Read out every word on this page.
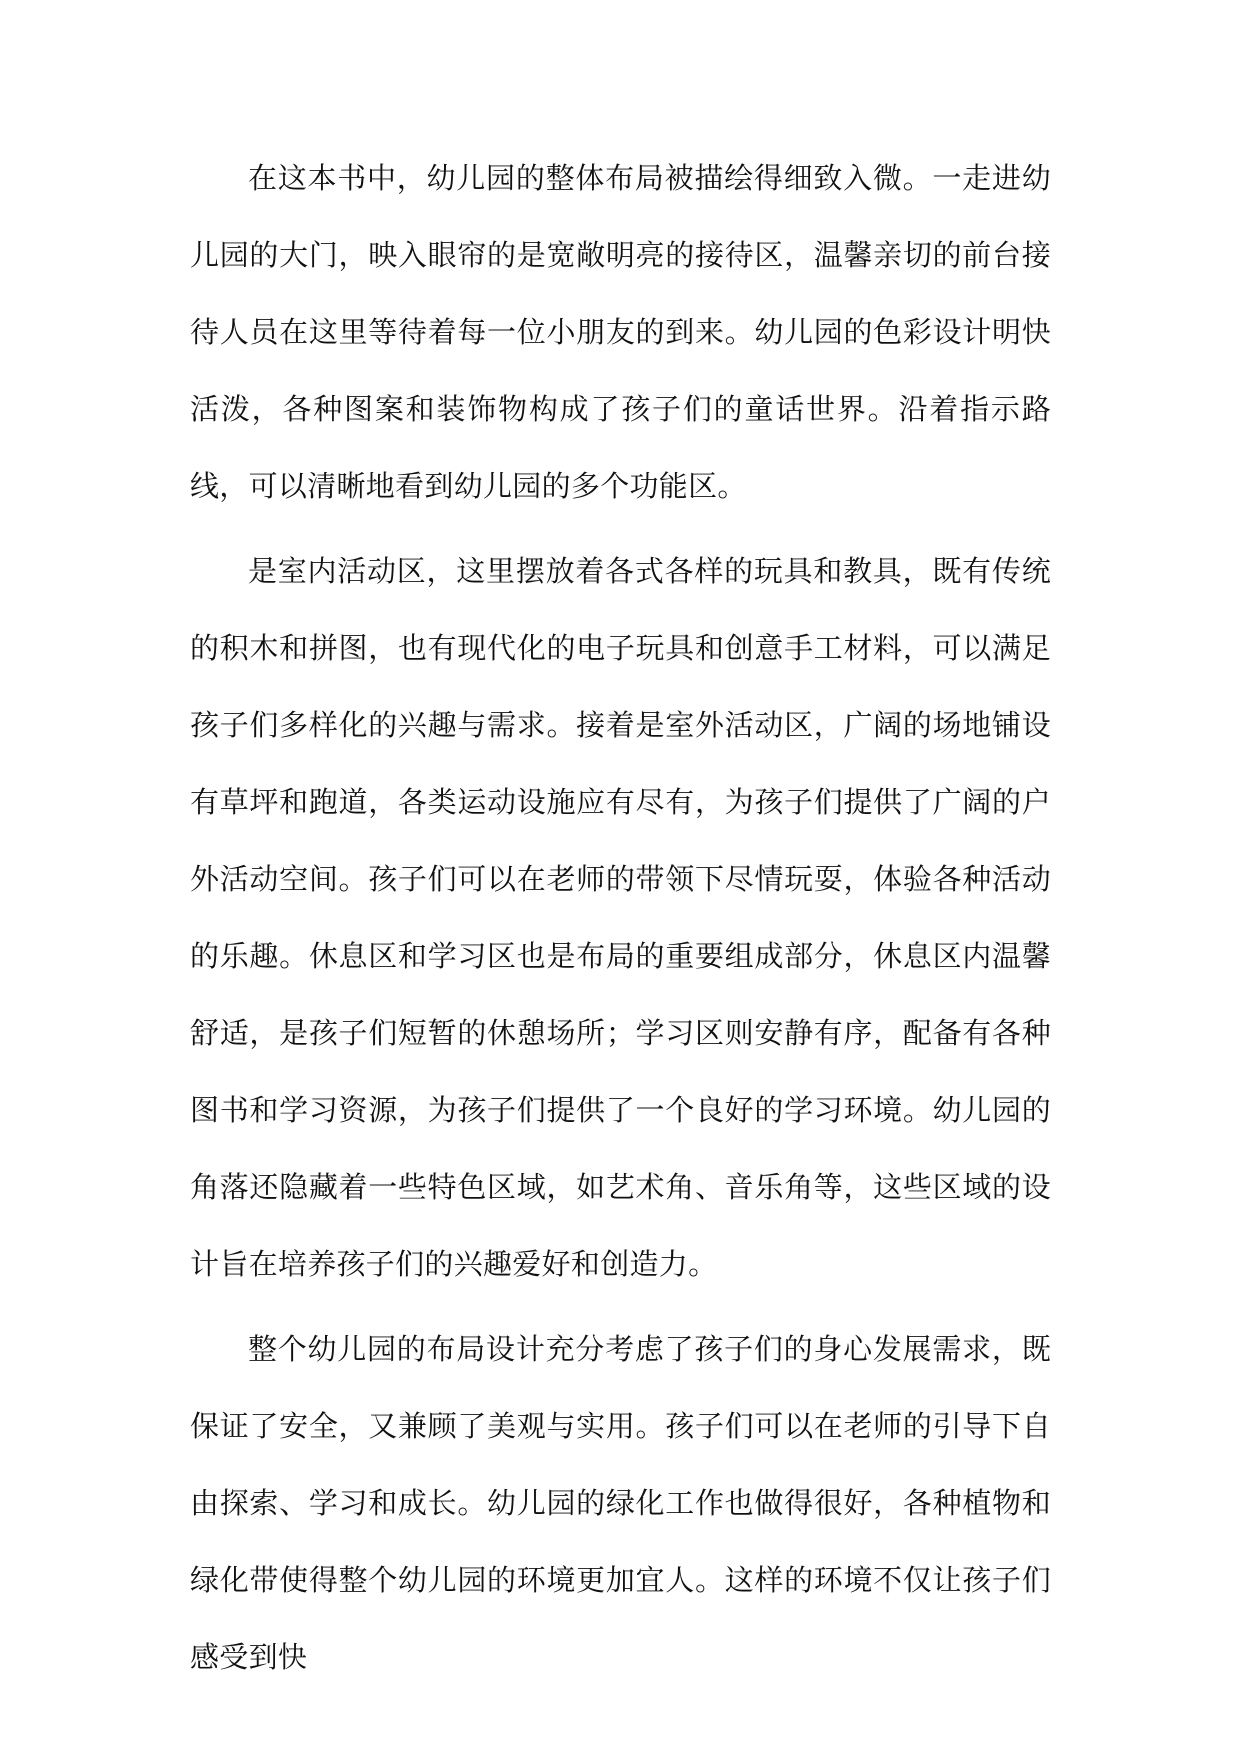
在这本书中，幼儿园的整体布局被描绘得细致入微。一走进幼儿园的大门，映入眼帘的是宽敞明亮的接待区，温馨亲切的前台接待人员在这里等待着每一位小朋友的到来。幼儿园的色彩设计明快活泼，各种图案和装饰物构成了孩子们的童话世界。沿着指示路线，可以清晰地看到幼儿园的多个功能区。

是室内活动区，这里摆放着各式各样的玩具和教具，既有传统的积木和拼图，也有现代化的电子玩具和创意手工材料，可以满足孩子们多样化的兴趣与需求。接着是室外活动区，广阔的场地铺设有草坪和跑道，各类运动设施应有尽有，为孩子们提供了广阔的户外活动空间。孩子们可以在老师的带领下尽情玩耍，体验各种活动的乐趣。休息区和学习区也是布局的重要组成部分，休息区内温馨舒适，是孩子们短暂的休憩场所；学习区则安静有序，配备有各种图书和学习资源，为孩子们提供了一个良好的学习环境。幼儿园的角落还隐藏着一些特色区域，如艺术角、音乐角等，这些区域的设计旨在培养孩子们的兴趣爱好和创造力。

整个幼儿园的布局设计充分考虑了孩子们的身心发展需求，既保证了安全，又兼顾了美观与实用。孩子们可以在老师的引导下自由探索、学习和成长。幼儿园的绿化工作也做得很好，各种植物和绿化带使得整个幼儿园的环境更加宜人。这样的环境不仅让孩子们感受到快
